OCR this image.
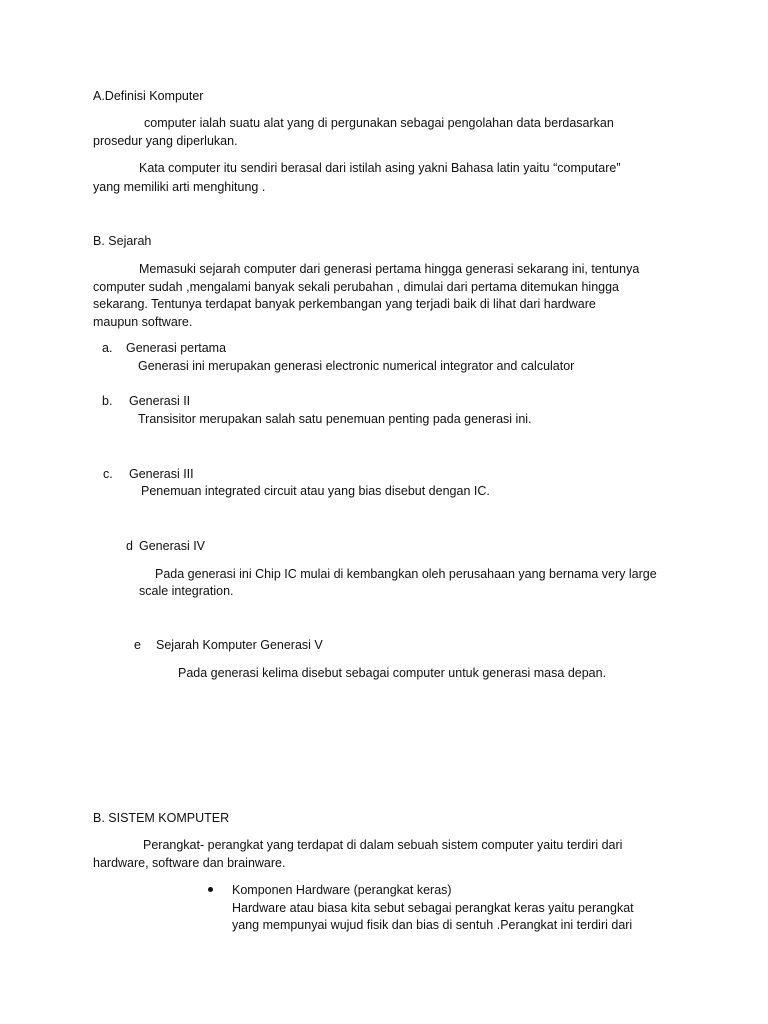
A.Definisi Komputer
computer ialah suatu alat yang di pergunakan sebagai pengolahan data berdasarkan
prosedur yang diperlukan.
Kata computer itu sendiri berasal dari istilah asing yakni Bahasa latin yaitu “computare”
yang memiliki arti menghitung .
B. Sejarah
Memasuki sejarah computer dari generasi pertama hingga generasi sekarang ini, tentunya
computer sudah ,mengalami banyak sekali perubahan , dimulai dari pertama ditemukan hingga
sekarang. Tentunya terdapat banyak perkembangan yang terjadi baik di lihat dari hardware
maupun software.
a. Generasi pertama
Generasi ini merupakan generasi electronic numerical integrator and calculator
b. Generasi II
Transisitor merupakan salah satu penemuan penting pada generasi ini.
c. Generasi III
Penemuan integrated circuit atau yang bias disebut dengan IC.
d Generasi IV
Pada generasi ini Chip IC mulai di kembangkan oleh perusahaan yang bernama very large
scale integration.
e Sejarah Komputer Generasi V
Pada generasi kelima disebut sebagai computer untuk generasi masa depan.
B. SISTEM KOMPUTER
Perangkat- perangkat yang terdapat di dalam sebuah sistem computer yaitu terdiri dari
hardware, software dan brainware.
Komponen Hardware (perangkat keras)
Hardware atau biasa kita sebut sebagai perangkat keras yaitu perangkat
yang mempunyai wujud fisik dan bias di sentuh .Perangkat ini terdiri dari
